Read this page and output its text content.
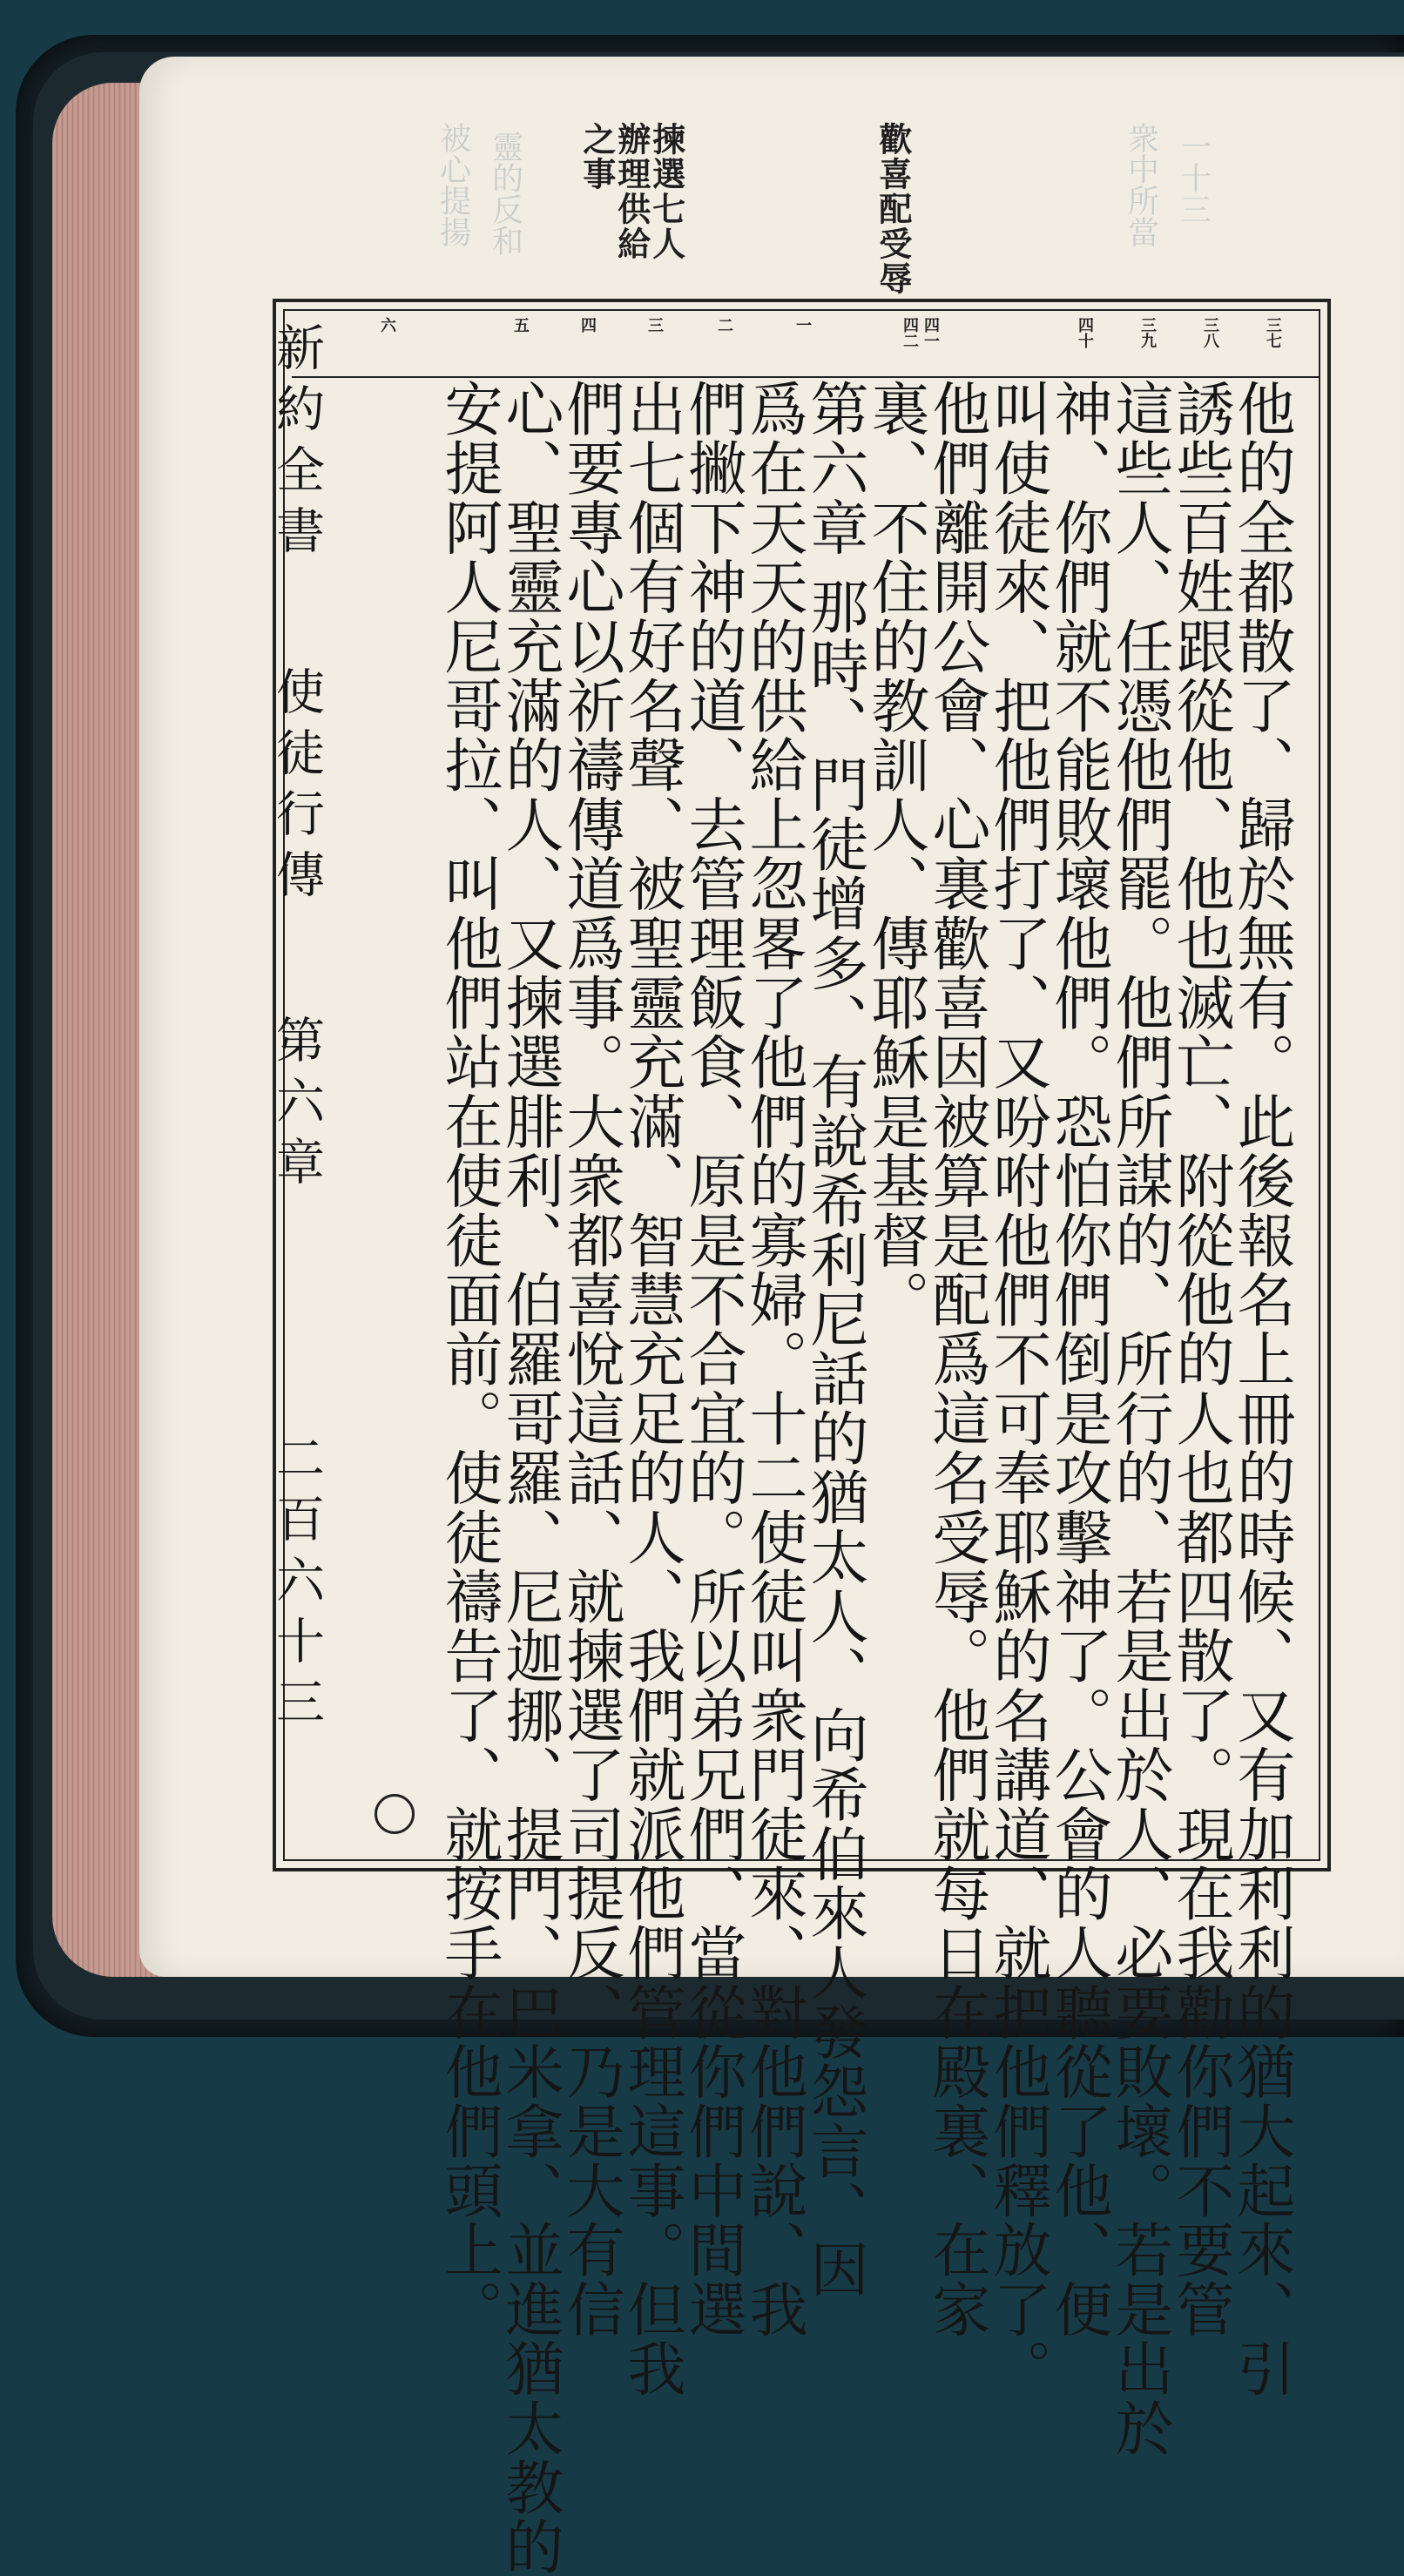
衆中所當 一十三
被心提揚 靈的反和	歡喜配受辱
揀選七人辦理供給之事
三七
三八
三九
四十
四一
四二
一
二
三
四
五
六
新約全書
使徒行傳
第六章
二百六十三	他的全都散了、歸於無有。此後報名上冊的時候、又有加利利的猶大起來、引
誘些百姓跟從他、他也滅亡、附從他的人也都四散了。現在我勸你們不要管
這些人、任憑他們罷。他們所謀的、所行的、若是出於人、必要敗壞。若是出於
神、你們就不能敗壞他們。恐怕你們倒是攻擊神了。公會的人聽從了他、便
叫使徒來、把他們打了、又吩咐他們不可奉耶穌的名講道、就把他們釋放了。
他們離開公會、心裏歡喜因被算是配爲這名受辱。他們就每日在殿裏、在家
裏、不住的教訓人、傳耶穌是基督。
第六章 那時、門徒增多、有說希利尼話的猶太人、向希伯來人發怨言、因
爲在天天的供給上忽畧了他們的寡婦。十二使徒叫衆門徒來、對他們說、我
們撇下神的道、去管理飯食、原是不合宜的。所以弟兄們、當從你們中間選
出七個有好名聲、被聖靈充滿、智慧充足的人、我們就派他們管理這事。但我
們要專心以祈禱傳道爲事。大衆都喜悅這話、就揀選了司提反、乃是大有信
心、聖靈充滿的人、又揀選腓利、伯羅哥羅、尼迦挪、提門、巴米拿、並進猶太教的
安提阿人尼哥拉、叫他們站在使徒面前。使徒禱告了、就按手在他們頭上。
